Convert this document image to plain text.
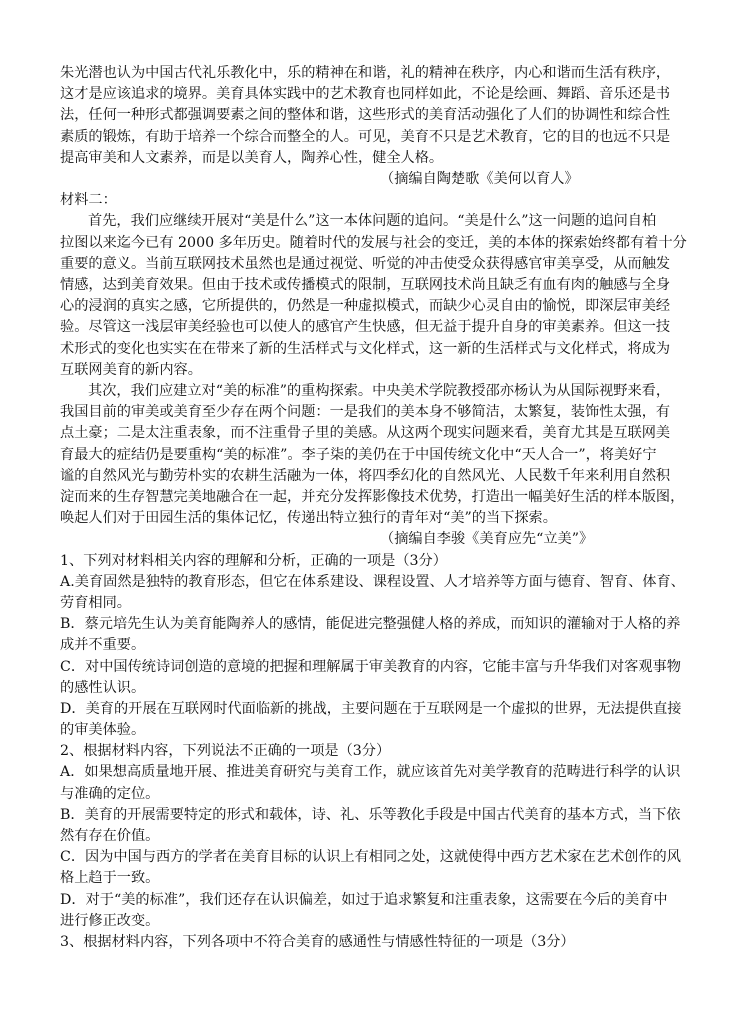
朱光潜也认为中国古代礼乐教化中，乐的精神在和谐，礼的精神在秩序，内心和谐而生活有秩序，
这才是应该追求的境界。美育具体实践中的艺术教育也同样如此，不论是绘画、舞蹈、音乐还是书
法，任何一种形式都强调要素之间的整体和谐，这些形式的美育活动强化了人们的协调性和综合性
素质的锻炼，有助于培养一个综合而整全的人。可见，美育不只是艺术教育，它的目的也远不只是
提高审美和人文素养，而是以美育人，陶养心性，健全人格。
（摘编自陶楚歌《美何以育人》
材料二：
首先，我们应继续开展对“美是什么”这一本体问题的追问。“美是什么”这一问题的追问自柏
拉图以来迄今已有 2000 多年历史。随着时代的发展与社会的变迁，美的本体的探索始终都有着十分
重要的意义。当前互联网技术虽然也是通过视觉、听觉的冲击使受众获得感官审美享受，从而触发
情感，达到美育效果。但由于技术或传播模式的限制，互联网技术尚且缺乏有血有肉的触感与全身
心的浸润的真实之感，它所提供的，仍然是一种虚拟模式，而缺少心灵自由的愉悦，即深层审美经
验。尽管这一浅层审美经验也可以使人的感官产生快感，但无益于提升自身的审美素养。但这一技
术形式的变化也实实在在带来了新的生活样式与文化样式，这一新的生活样式与文化样式，将成为
互联网美育的新内容。
其次，我们应建立对“美的标准”的重构探索。中央美术学院教授邵亦杨认为从国际视野来看，
我国目前的审美或美育至少存在两个问题：一是我们的美本身不够简洁，太繁复，装饰性太强，有
点土豪；二是太注重表象，而不注重骨子里的美感。从这两个现实问题来看，美育尤其是互联网美
育最大的症结仍是要重构“美的标准”。李子柒的美仍在于中国传统文化中“天人合一”，将美好宁
谧的自然风光与勤劳朴实的农耕生活融为一体，将四季幻化的自然风光、人民数千年来利用自然积
淀而来的生存智慧完美地融合在一起，并充分发挥影像技术优势，打造出一幅美好生活的样本版图，
唤起人们对于田园生活的集体记忆，传递出特立独行的青年对“美”的当下探索。
（摘编自李骏《美育应先“立美”》
1、下列对材料相关内容的理解和分析，正确的一项是（3分）
A.美育固然是独特的教育形态，但它在体系建设、课程设置、人才培养等方面与德育、智育、体育、
劳育相同。
B．蔡元培先生认为美育能陶养人的感情，能促进完整强健人格的养成，而知识的灌输对于人格的养
成并不重要。
C．对中国传统诗词创造的意境的把握和理解属于审美教育的内容，它能丰富与升华我们对客观事物
的感性认识。
D．美育的开展在互联网时代面临新的挑战，主要问题在于互联网是一个虚拟的世界，无法提供直接
的审美体验。
2、根据材料内容，下列说法不正确的一项是（3分）
A．如果想高质量地开展、推进美育研究与美育工作，就应该首先对美学教育的范畴进行科学的认识
与准确的定位。
B．美育的开展需要特定的形式和载体，诗、礼、乐等教化手段是中国古代美育的基本方式，当下依
然有存在价值。
C．因为中国与西方的学者在美育目标的认识上有相同之处，这就使得中西方艺术家在艺术创作的风
格上趋于一致。
D．对于“美的标准”，我们还存在认识偏差，如过于追求繁复和注重表象，这需要在今后的美育中
进行修正改变。
3、根据材料内容，下列各项中不符合美育的感通性与情感性特征的一项是（3分）
